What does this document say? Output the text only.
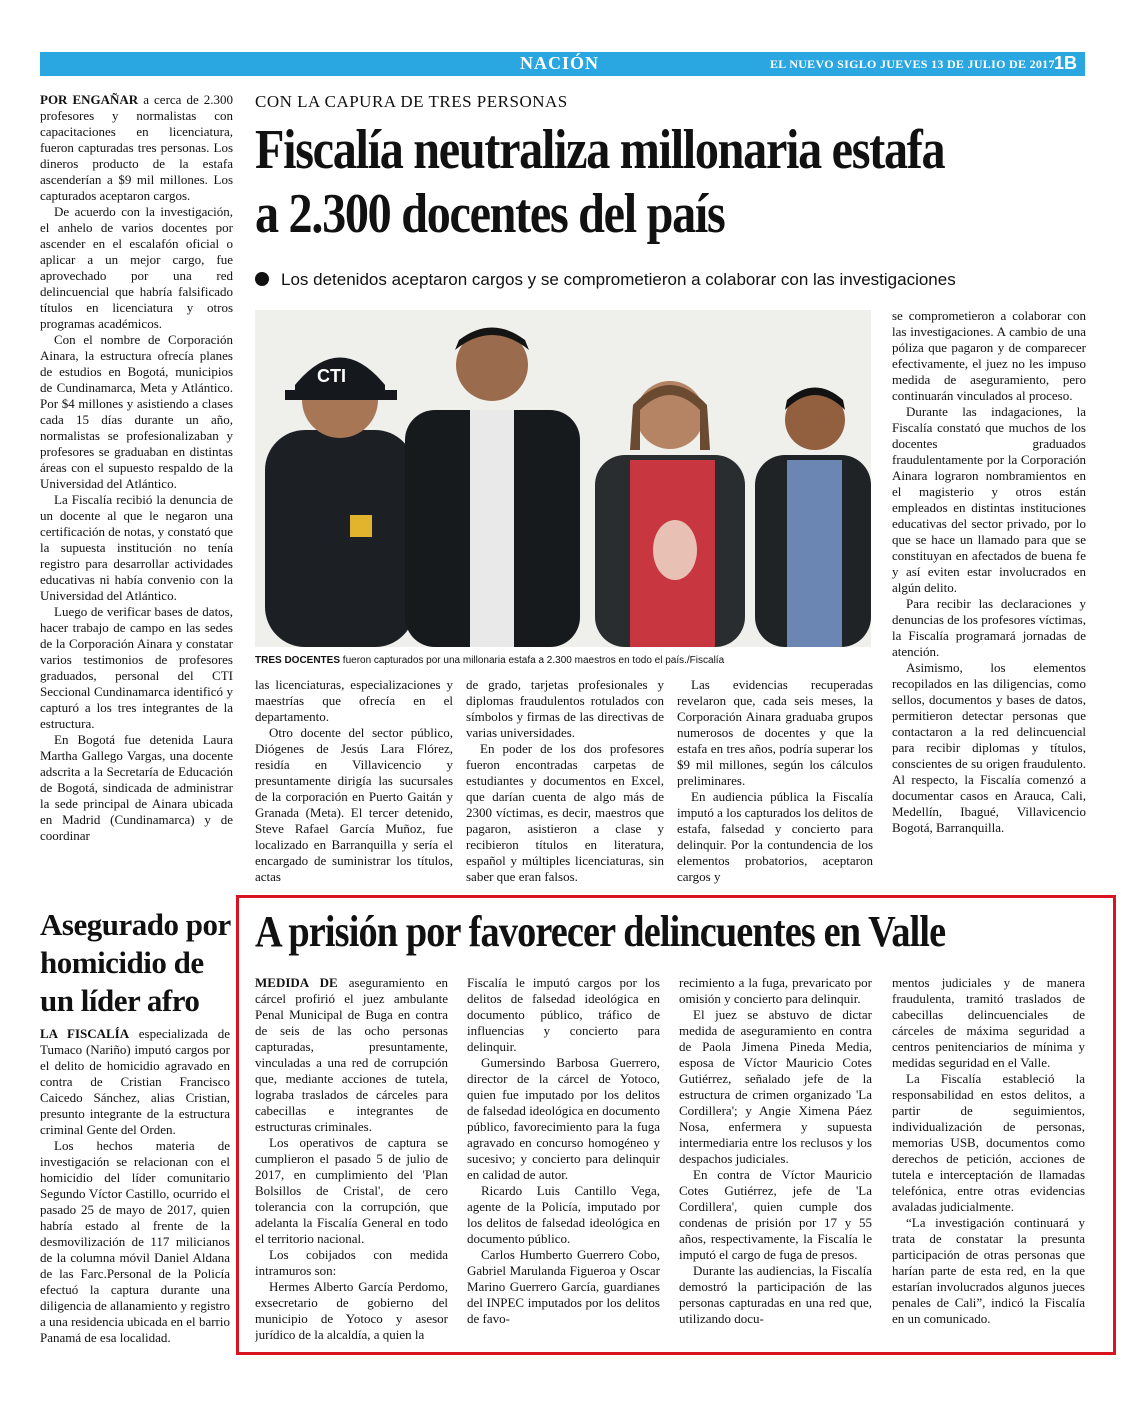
NACIÓN	EL NUEVO SIGLO JUEVES 13 DE JULIO DE 2017 1B

POR ENGAÑAR a cerca de 2.300 profesores y normalistas con capacitaciones en licenciatura, fueron capturadas tres personas. Los dineros producto de la estafa ascenderían a $9 mil millones. Los capturados aceptaron cargos.

De acuerdo con la investigación, el anhelo de varios docentes por ascender en el escalafón oficial o aplicar a un mejor cargo, fue aprovechado por una red delincuencial que habría falsificado títulos en licenciatura y otros programas académicos.

Con el nombre de Corporación Ainara, la estructura ofrecía planes de estudios en Bogotá, municipios de Cundinamarca, Meta y Atlántico. Por $4 millones y asistiendo a clases cada 15 días durante un año, normalistas se profesionalizaban y profesores se graduaban en distintas áreas con el supuesto respaldo de la Universidad del Atlántico.

La Fiscalía recibió la denuncia de un docente al que le negaron una certificación de notas, y constató que la supuesta institución no tenía registro para desarrollar actividades educativas ni había convenio con la Universidad del Atlántico.

Luego de verificar bases de datos, hacer trabajo de campo en las sedes de la Corporación Ainara y constatar varios testimonios de profesores graduados, personal del CTI Seccional Cundinamarca identificó y capturó a los tres integrantes de la estructura.

En Bogotá fue detenida Laura Martha Gallego Vargas, una docente adscrita a la Secretaría de Educación de Bogotá, sindicada de administrar la sede principal de Ainara ubicada en Madrid (Cundinamarca) y de coordinar

CON LA CAPURA DE TRES PERSONAS
Fiscalía neutraliza millonaria estafa a 2.300 docentes del país
Los detenidos aceptaron cargos y se comprometieron a colaborar con las investigaciones
CTI
TRES DOCENTES fueron capturados por una millonaria estafa a 2.300 maestros en todo el país./Fiscalía

las licenciaturas, especializaciones y maestrías que ofrecía en el departamento.

Otro docente del sector público, Diógenes de Jesús Lara Flórez, residía en Villavicencio y presuntamente dirigía las sucursales de la corporación en Puerto Gaitán y Granada (Meta). El tercer detenido, Steve Rafael García Muñoz, fue localizado en Barranquilla y sería el encargado de suministrar los títulos, actas

de grado, tarjetas profesionales y diplomas fraudulentos rotulados con símbolos y firmas de las directivas de varias universidades.

En poder de los dos profesores fueron encontradas carpetas de estudiantes y documentos en Excel, que darían cuenta de algo más de 2300 víctimas, es decir, maestros que pagaron, asistieron a clase y recibieron títulos en literatura, español y múltiples licenciaturas, sin saber que eran falsos.

Las evidencias recuperadas revelaron que, cada seis meses, la Corporación Ainara graduaba grupos numerosos de docentes y que la estafa en tres años, podría superar los $9 mil millones, según los cálculos preliminares.

En audiencia pública la Fiscalía imputó a los capturados los delitos de estafa, falsedad y concierto para delinquir. Por la contundencia de los elementos probatorios, aceptaron cargos y

se comprometieron a colaborar con las investigaciones. A cambio de una póliza que pagaron y de comparecer efectivamente, el juez no les impuso medida de aseguramiento, pero continuarán vinculados al proceso.

Durante las indagaciones, la Fiscalía constató que muchos de los docentes graduados fraudulentamente por la Corporación Ainara lograron nombramientos en el magisterio y otros están empleados en distintas instituciones educativas del sector privado, por lo que se hace un llamado para que se constituyan en afectados de buena fe y así eviten estar involucrados en algún delito.

Para recibir las declaraciones y denuncias de los profesores víctimas, la Fiscalía programará jornadas de atención.

Asimismo, los elementos recopilados en las diligencias, como sellos, documentos y bases de datos, permitieron detectar personas que contactaron a la red delincuencial para recibir diplomas y títulos, conscientes de su origen fraudulento. Al respecto, la Fiscalía comenzó a documentar casos en Arauca, Cali, Medellín, Ibagué, Villavicencio Bogotá, Barranquilla.

Asegurado por homicidio de un líder afro

LA FISCALÍA especializada de Tumaco (Nariño) imputó cargos por el delito de homicidio agravado en contra de Cristian Francisco Caicedo Sánchez, alias Cristian, presunto integrante de la estructura criminal Gente del Orden.

Los hechos materia de investigación se relacionan con el homicidio del líder comunitario Segundo Víctor Castillo, ocurrido el pasado 25 de mayo de 2017, quien habría estado al frente de la desmovilización de 117 milicianos de la columna móvil Daniel Aldana de las Farc.Personal de la Policía efectuó la captura durante una diligencia de allanamiento y registro a una residencia ubicada en el barrio Panamá de esa localidad.

A prisión por favorecer delincuentes en Valle

MEDIDA DE aseguramiento en cárcel profirió el juez ambulante Penal Municipal de Buga en contra de seis de las ocho personas capturadas, presuntamente, vinculadas a una red de corrupción que, mediante acciones de tutela, lograba traslados de cárceles para cabecillas e integrantes de estructuras criminales.

Los operativos de captura se cumplieron el pasado 5 de julio de 2017, en cumplimiento del 'Plan Bolsillos de Cristal', de cero tolerancia con la corrupción, que adelanta la Fiscalía General en todo el territorio nacional.

Los cobijados con medida intramuros son:

Hermes Alberto García Perdomo, exsecretario de gobierno del municipio de Yotoco y asesor jurídico de la alcaldía, a quien la

Fiscalía le imputó cargos por los delitos de falsedad ideológica en documento público, tráfico de influencias y concierto para delinquir.

Gumersindo Barbosa Guerrero, director de la cárcel de Yotoco, quien fue imputado por los delitos de falsedad ideológica en documento público, favorecimiento para la fuga agravado en concurso homogéneo y sucesivo; y concierto para delinquir en calidad de autor.

Ricardo Luis Cantillo Vega, agente de la Policía, imputado por los delitos de falsedad ideológica en documento público.

Carlos Humberto Guerrero Cobo, Gabriel Marulanda Figueroa y Oscar Marino Guerrero García, guardianes del INPEC imputados por los delitos de favo-

recimiento a la fuga, prevaricato por omisión y concierto para delinquir.

El juez se abstuvo de dictar medida de aseguramiento en contra de Paola Jimena Pineda Media, esposa de Víctor Mauricio Cotes Gutiérrez, señalado jefe de la estructura de crimen organizado 'La Cordillera'; y Angie Ximena Páez Nosa, enfermera y supuesta intermediaria entre los reclusos y los despachos judiciales.

En contra de Víctor Mauricio Cotes Gutiérrez, jefe de 'La Cordillera', quien cumple dos condenas de prisión por 17 y 55 años, respectivamente, la Fiscalía le imputó el cargo de fuga de presos.

Durante las audiencias, la Fiscalía demostró la participación de las personas capturadas en una red que, utilizando docu-

mentos judiciales y de manera fraudulenta, tramitó traslados de cabecillas delincuenciales de cárceles de máxima seguridad a centros penitenciarios de mínima y medidas seguridad en el Valle.

La Fiscalía estableció la responsabilidad en estos delitos, a partir de seguimientos, individualización de personas, memorias USB, documentos como derechos de petición, acciones de tutela e interceptación de llamadas telefónica, entre otras evidencias avaladas judicialmente.

“La investigación continuará y trata de constatar la presunta participación de otras personas que harían parte de esta red, en la que estarían involucrados algunos jueces penales de Cali”, indicó la Fiscalía en un comunicado.
